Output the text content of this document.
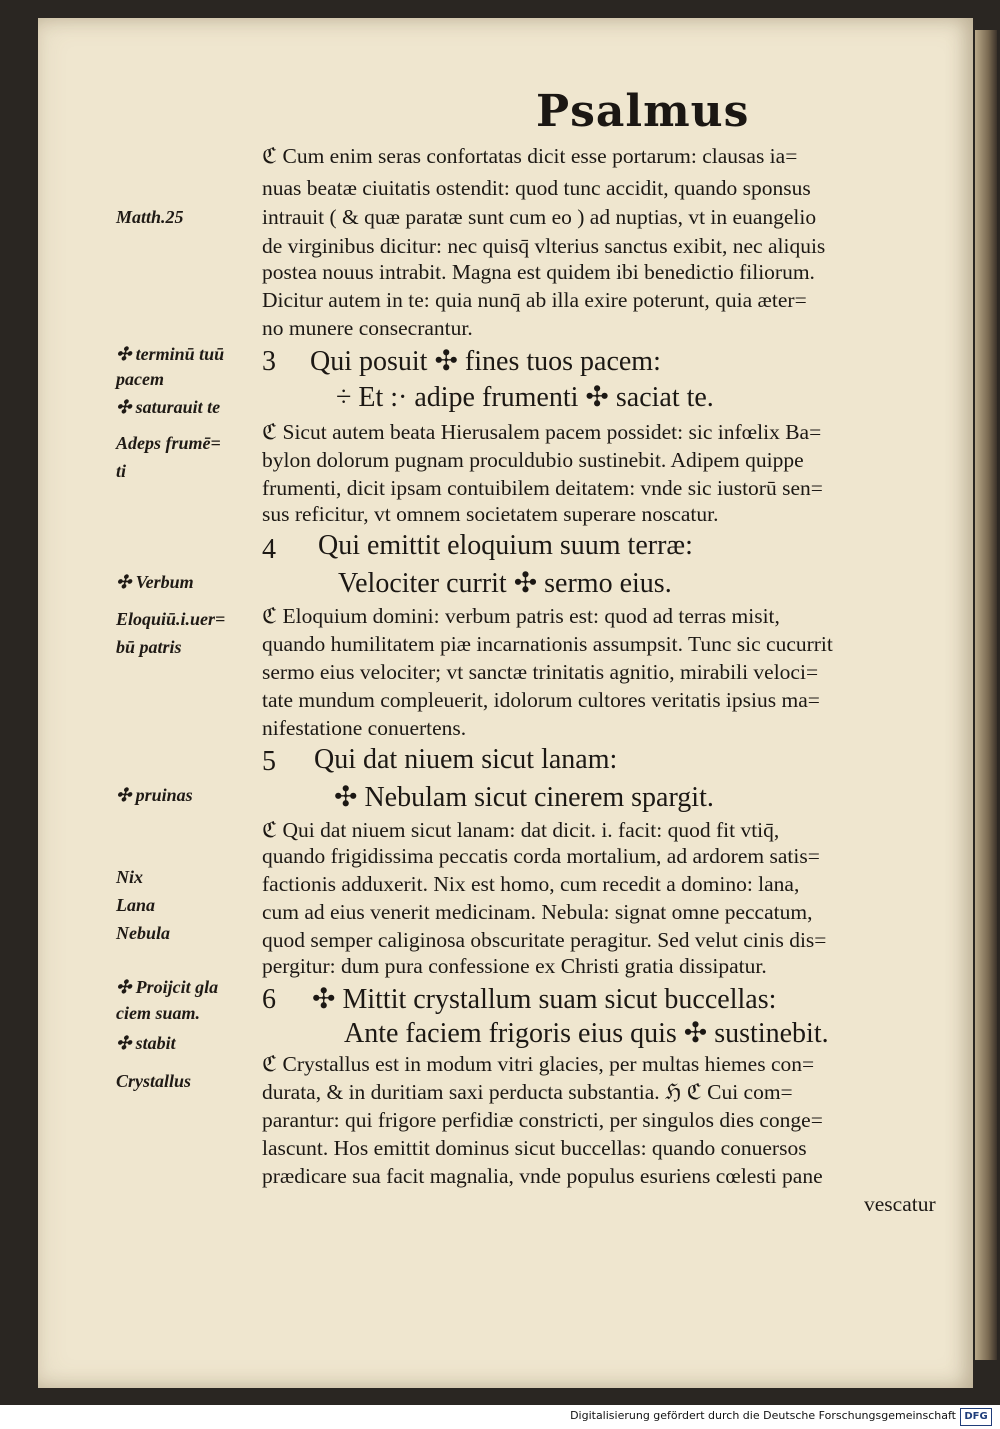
Psalmus
Matth.25
✣ terminū tuū
pacem
✣ saturauit te
Adeps frumē=
ti
✣ Verbum
Eloquiū.i.uer=
bū patris
✣ pruinas
Nix
Lana
Nebula
✣ Proijcit gla
ciem suam.
✣ stabit
Crystallus
ℭ Cum enim seras confortatas dicit esse portarum: clausas ia=
nuas beatæ ciuitatis ostendit: quod tunc accidit, quando sponsus
intrauit ( & quæ paratæ sunt cum eo ) ad nuptias, vt in euangelio
de virginibus dicitur: nec quisq̄ vlterius sanctus exibit, nec aliquis
postea nouus intrabit. Magna est quidem ibi benedictio filiorum.
Dicitur autem in te: quia nunq̄ ab illa exire poterunt, quia æter=
no munere consecrantur.
3 Qui posuit ✣ fines tuos pacem:
÷ Et :· adipe frumenti ✣ saciat te.
ℭ Sicut autem beata Hierusalem pacem possidet: sic infœlix Ba=
bylon dolorum pugnam proculdubio sustinebit. Adipem quippe
frumenti, dicit ipsam contuibilem deitatem: vnde sic iustorū sen=
sus reficitur, vt omnem societatem superare noscatur.
4 Qui emittit eloquium suum terræ:
Velociter currit ✣ sermo eius.
ℭ Eloquium domini: verbum patris est: quod ad terras misit,
quando humilitatem piæ incarnationis assumpsit. Tunc sic cucurrit
sermo eius velociter; vt sanctæ trinitatis agnitio, mirabili veloci=
tate mundum compleuerit, idolorum cultores veritatis ipsius ma=
nifestatione conuertens.
5 Qui dat niuem sicut lanam:
✣ Nebulam sicut cinerem spargit.
ℭ Qui dat niuem sicut lanam: dat dicit. i. facit: quod fit vtiq̄,
quando frigidissima peccatis corda mortalium, ad ardorem satis=
factionis adduxerit. Nix est homo, cum recedit a domino: lana,
cum ad eius venerit medicinam. Nebula: signat omne peccatum,
quod semper caliginosa obscuritate peragitur. Sed velut cinis dis=
pergitur: dum pura confessione ex Christi gratia dissipatur.
6 ✣ Mittit crystallum suam sicut buccellas:
Ante faciem frigoris eius quis ✣ sustinebit.
ℭ Crystallus est in modum vitri glacies, per multas hiemes con=
durata, & in duritiam saxi perducta substantia. ℌ ℭ Cui com=
parantur: qui frigore perfidiæ constricti, per singulos dies conge=
lascunt. Hos emittit dominus sicut buccellas: quando conuersos
prædicare sua facit magnalia, vnde populus esuriens cœlesti pane
vescatur
Digitalisierung gefördert durch die Deutsche Forschungsgemeinschaft DFG
